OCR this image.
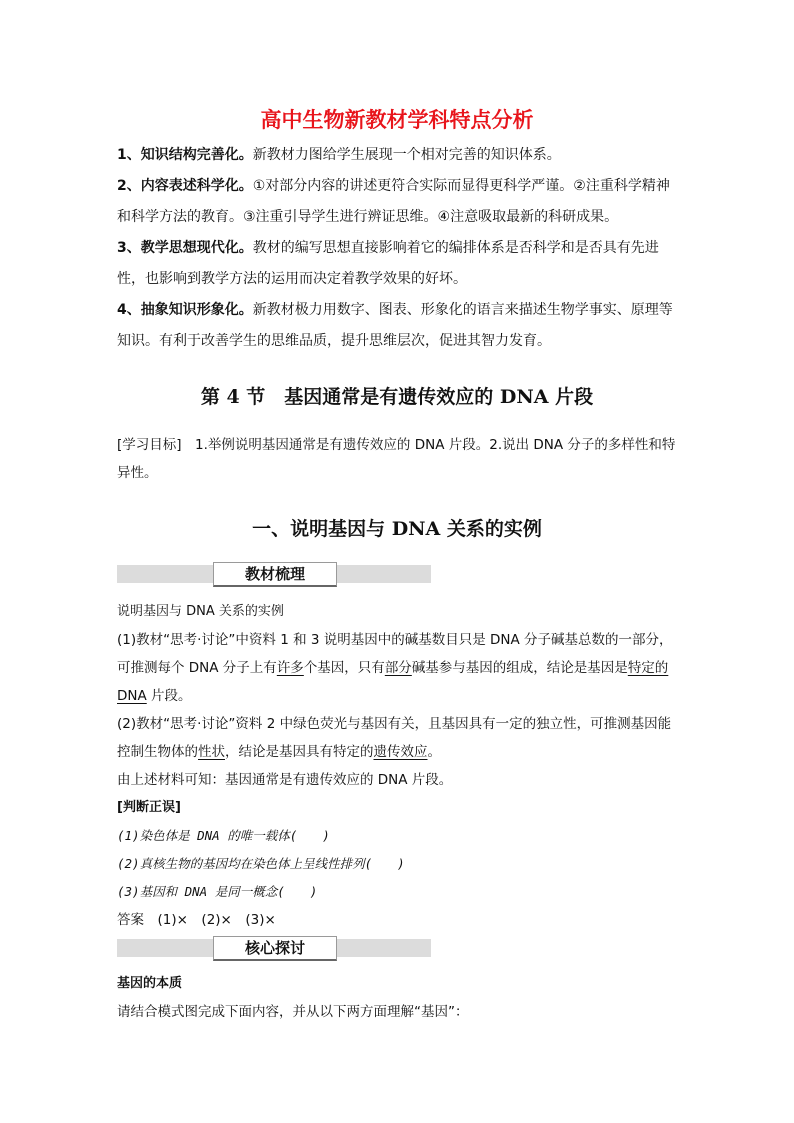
高中生物新教材学科特点分析
1、知识结构完善化。新教材力图给学生展现一个相对完善的知识体系。
2、内容表述科学化。①对部分内容的讲述更符合实际而显得更科学严谨。②注重科学精神和科学方法的教育。③注重引导学生进行辨证思维。④注意吸取最新的科研成果。
3、教学思想现代化。教材的编写思想直接影响着它的编排体系是否科学和是否具有先进性，也影响到教学方法的运用而决定着教学效果的好坏。
4、抽象知识形象化。新教材极力用数字、图表、形象化的语言来描述生物学事实、原理等知识。有利于改善学生的思维品质，提升思维层次，促进其智力发育。
第 4 节　基因通常是有遗传效应的 DNA 片段
[学习目标]　 1.举例说明基因通常是有遗传效应的 DNA 片段。2.说出 DNA 分子的多样性和特异性。
一、说明基因与 DNA 关系的实例
教材梳理
说明基因与 DNA 关系的实例
(1)教材“思考·讨论”中资料 1 和 3 说明基因中的碱基数目只是 DNA 分子碱基总数的一部分，可推测每个 DNA 分子上有许多个基因，只有部分碱基参与基因的组成，结论是基因是特定的 DNA 片段。
(2)教材“思考·讨论”资料 2 中绿色荧光与基因有关，且基因具有一定的独立性，可推测基因能控制生物体的性状，结论是基因具有特定的遗传效应。
由上述材料可知：基因通常是有遗传效应的 DNA 片段。
[判断正误]
(1)染色体是 DNA 的唯一载体(　　)
(2)真核生物的基因均在染色体上呈线性排列(　　)
(3)基因和 DNA 是同一概念(　　)
答案　(1)×　(2)×　(3)×
核心探讨
基因的本质
请结合模式图完成下面内容，并从以下两方面理解“基因”：
